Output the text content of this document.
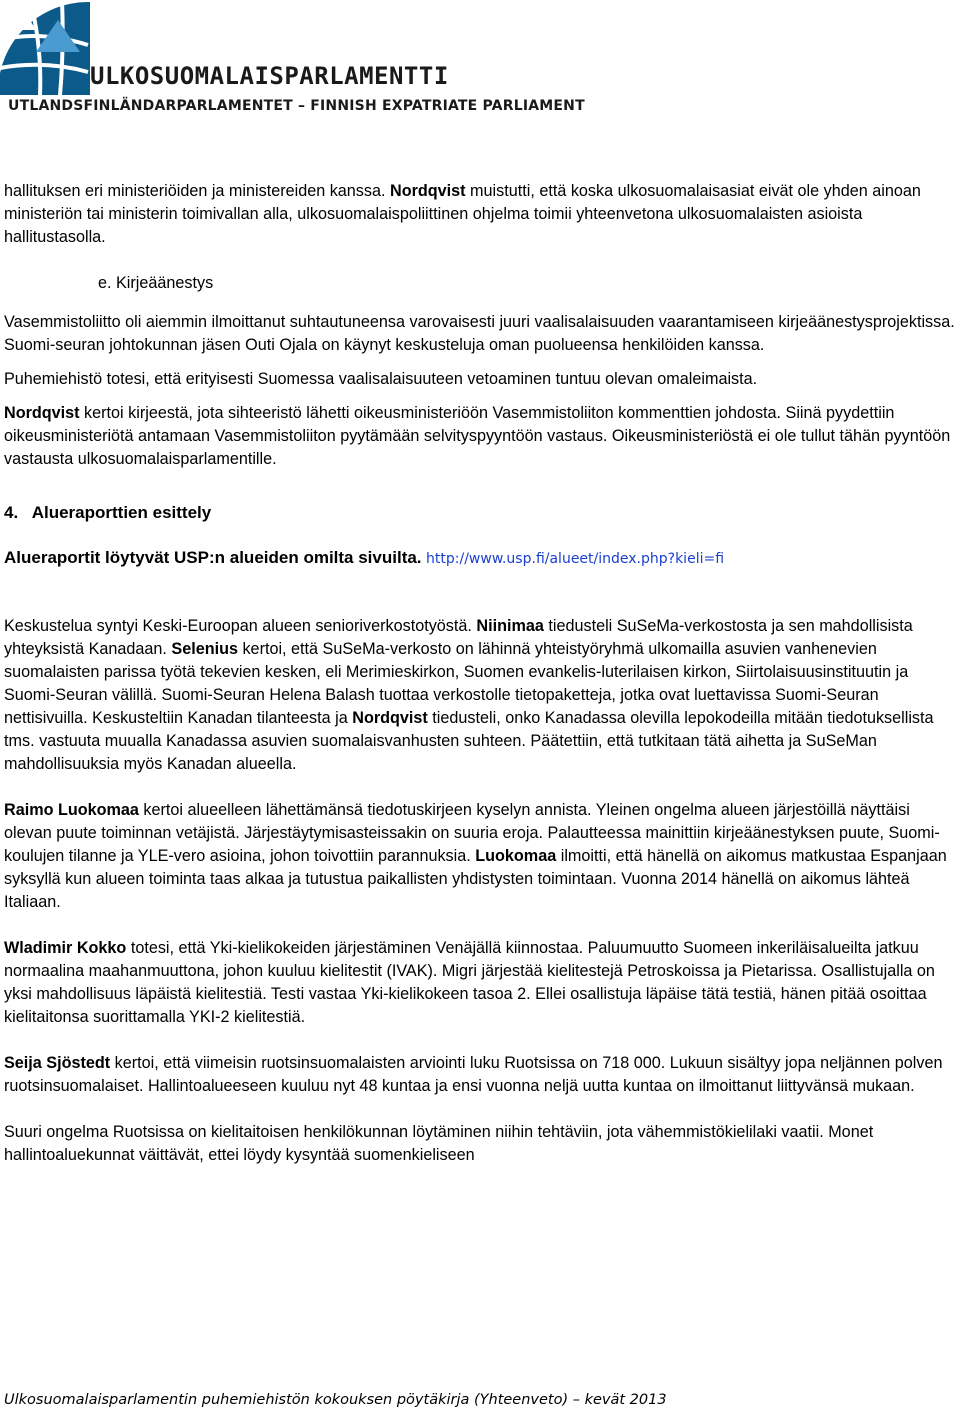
ULKOSUOMALAISPARLAMENTTI

UTLANDSFINLÄNDARPARLAMENTET – FINNISH EXPATRIATE PARLIAMENT

hallituksen eri ministeriöiden ja ministereiden kanssa. Nordqvist muistutti, että koska ulkosuomalaisasiat eivät ole yhden ainoan ministeriön tai ministerin toimivallan alla, ulkosuomalaispoliittinen ohjelma toimii yhteenvetona ulkosuomalaisten asioista hallitustasolla.

e. Kirjeäänestys

Vasemmistoliitto oli aiemmin ilmoittanut suhtautuneensa varovaisesti juuri vaalisalaisuuden vaarantamiseen kirjeäänestysprojektissa. Suomi-seuran johtokunnan jäsen Outi Ojala on käynyt keskusteluja oman puolueensa henkilöiden kanssa.

Puhemiehistö totesi, että erityisesti Suomessa vaalisalaisuuteen vetoaminen tuntuu olevan omaleimaista.

Nordqvist kertoi kirjeestä, jota sihteeristö lähetti oikeusministeriöön Vasemmistoliiton kommenttien johdosta. Siinä pyydettiin oikeusministeriötä antamaan Vasemmistoliiton pyytämään selvityspyyntöön vastaus. Oikeusministeriöstä ei ole tullut tähän pyyntöön vastausta ulkosuomalaisparlamentille.

4.   Alueraporttien esittely

Alueraportit löytyvät USP:n alueiden omilta sivuilta. http://www.usp.fi/alueet/index.php?kieli=fi

Keskustelua syntyi Keski-Euroopan alueen senioriverkostotyöstä. Niinimaa tiedusteli SuSeMa-verkostosta ja sen mahdollisista yhteyksistä Kanadaan. Selenius kertoi, että SuSeMa-verkosto on lähinnä yhteistyöryhmä ulkomailla asuvien vanhenevien suomalaisten parissa työtä tekevien kesken, eli Merimieskirkon, Suomen evankelis-luterilaisen kirkon, Siirtolaisuusinstituutin ja Suomi-Seuran välillä. Suomi-Seuran Helena Balash tuottaa verkostolle tietopaketteja, jotka ovat luettavissa Suomi-Seuran nettisivuilla. Keskusteltiin Kanadan tilanteesta ja Nordqvist tiedusteli, onko Kanadassa olevilla lepokodeilla mitään tiedotuksellista tms. vastuuta muualla Kanadassa asuvien suomalaisvanhusten suhteen. Päätettiin, että tutkitaan tätä aihetta ja SuSeMan mahdollisuuksia myös Kanadan alueella.

Raimo Luokomaa kertoi alueelleen lähettämänsä tiedotuskirjeen kyselyn annista. Yleinen ongelma alueen järjestöillä näyttäisi olevan puute toiminnan vetäjistä. Järjestäytymisasteissakin on suuria eroja. Palautteessa mainittiin kirjeäänestyksen puute, Suomi-koulujen tilanne ja YLE-vero asioina, johon toivottiin parannuksia. Luokomaa ilmoitti, että hänellä on aikomus matkustaa Espanjaan syksyllä kun alueen toiminta taas alkaa ja tutustua paikallisten yhdistysten toimintaan. Vuonna 2014 hänellä on aikomus lähteä Italiaan.

Wladimir Kokko totesi, että Yki-kielikokeiden järjestäminen Venäjällä kiinnostaa. Paluumuutto Suomeen inkeriläisalueilta jatkuu normaalina maahanmuuttona, johon kuuluu kielitestit (IVAK). Migri järjestää kielitestejä Petroskoissa ja Pietarissa. Osallistujalla on yksi mahdollisuus läpäistä kielitestiä. Testi vastaa Yki-kielikokeen tasoa 2. Ellei osallistuja läpäise tätä testiä, hänen pitää osoittaa kielitaitonsa suorittamalla YKI-2 kielitestiä.

Seija Sjöstedt kertoi, että viimeisin ruotsinsuomalaisten arviointi luku Ruotsissa on 718 000. Lukuun sisältyy jopa neljännen polven ruotsinsuomalaiset. Hallintoalueeseen kuuluu nyt 48 kuntaa ja ensi vuonna neljä uutta kuntaa on ilmoittanut liittyvänsä mukaan.

Suuri ongelma Ruotsissa on kielitaitoisen henkilökunnan löytäminen niihin tehtäviin, jota vähemmistökielilaki vaatii. Monet hallintoaluekunnat väittävät, ettei löydy kysyntää suomenkieliseen

Ulkosuomalaisparlamentin puhemiehistön kokouksen pöytäkirja (Yhteenveto) – kevät 2013
